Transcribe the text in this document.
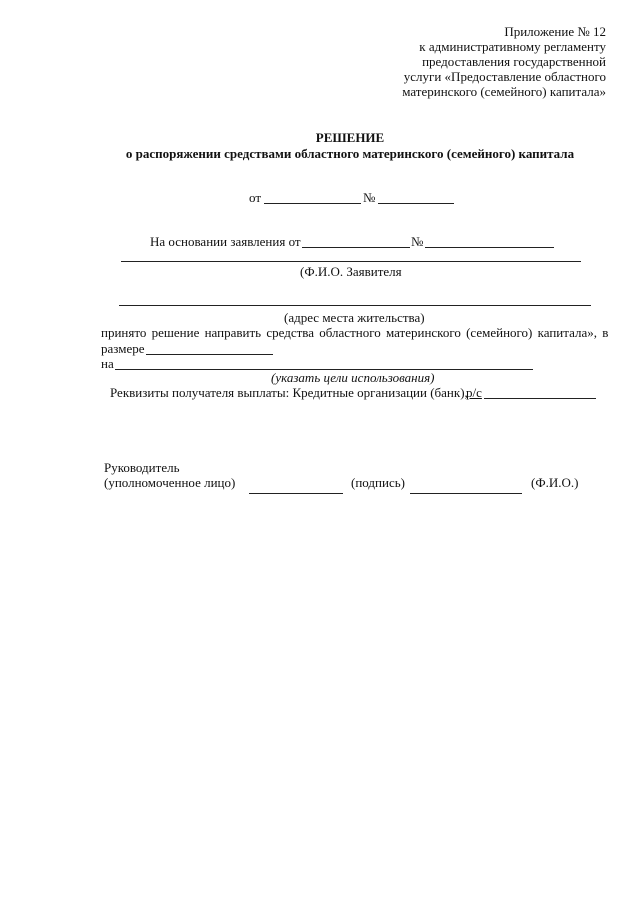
Приложение № 12
к административному регламенту
предоставления государственной
услуги «Предоставление областного
материнского (семейного) капитала»
РЕШЕНИЕ
о распоряжении средствами областного материнского (семейного) капитала
от	№
На основании заявления от	№
(Ф.И.О. Заявителя
(адрес места жительства)
принято решение направить средства областного материнского (семейного) капитала», в
размере
на
(указать цели использования)
Реквизиты получателя выплаты: Кредитные организации (банк),
р/с
Руководитель
(уполномоченное лицо)	(подпись)	(Ф.И.О.)
